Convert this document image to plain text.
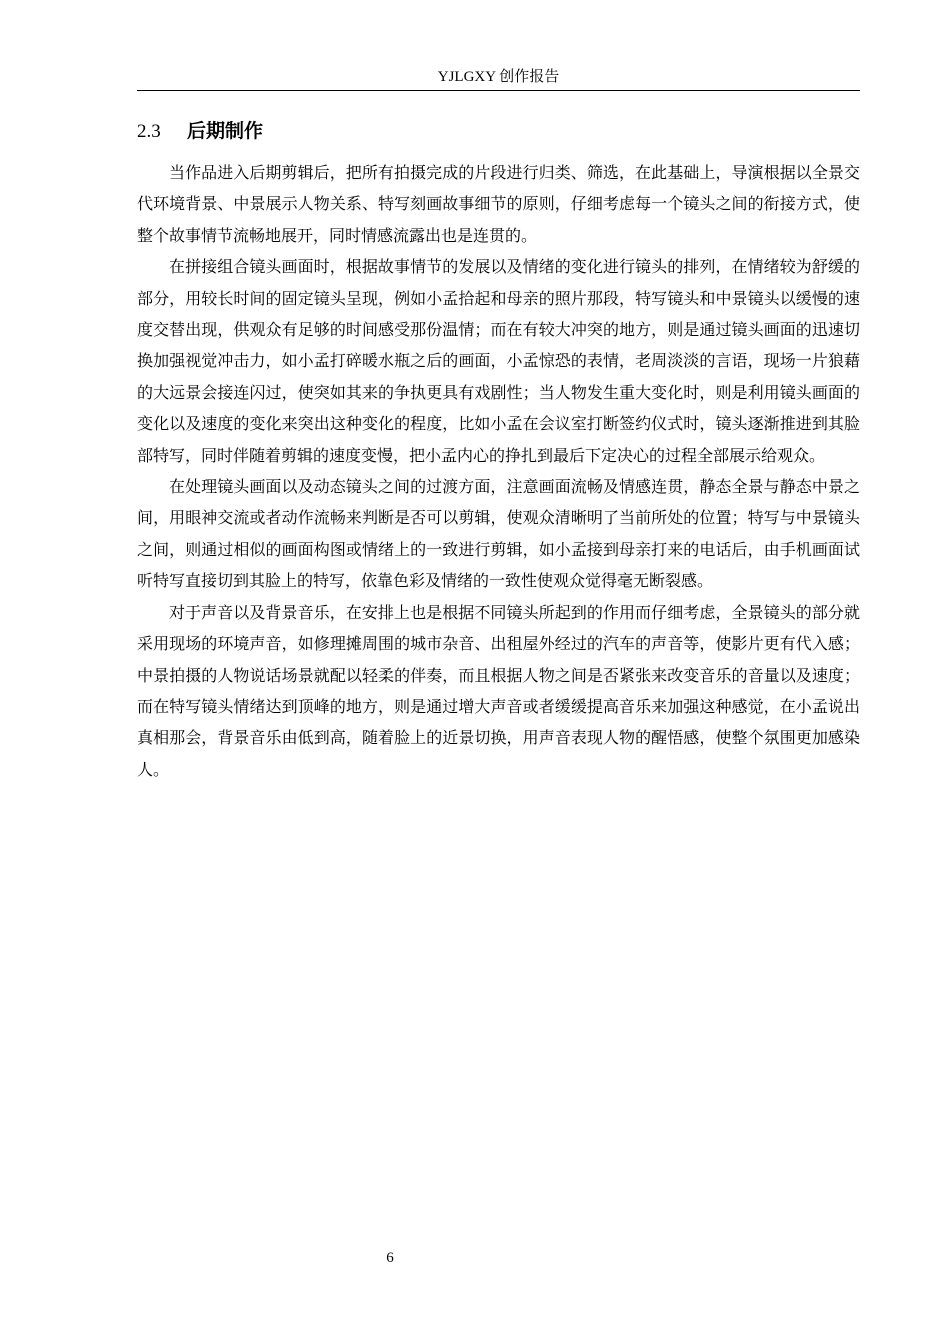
YJLGXY 创作报告
2.3 后期制作

当作品进入后期剪辑后，把所有拍摄完成的片段进行归类、筛选，在此基础上，导演根据以全景交代环境背景、中景展示人物关系、特写刻画故事细节的原则，仔细考虑每一个镜头之间的衔接方式，使整个故事情节流畅地展开，同时情感流露出也是连贯的。

在拼接组合镜头画面时，根据故事情节的发展以及情绪的变化进行镜头的排列，在情绪较为舒缓的部分，用较长时间的固定镜头呈现，例如小孟拾起和母亲的照片那段，特写镜头和中景镜头以缓慢的速度交替出现，供观众有足够的时间感受那份温情；而在有较大冲突的地方，则是通过镜头画面的迅速切换加强视觉冲击力，如小孟打碎暖水瓶之后的画面，小孟惊恐的表情，老周淡淡的言语，现场一片狼藉的大远景会接连闪过，使突如其来的争执更具有戏剧性；当人物发生重大变化时，则是利用镜头画面的变化以及速度的变化来突出这种变化的程度，比如小孟在会议室打断签约仪式时，镜头逐渐推进到其脸部特写，同时伴随着剪辑的速度变慢，把小孟内心的挣扎到最后下定决心的过程全部展示给观众。

在处理镜头画面以及动态镜头之间的过渡方面，注意画面流畅及情感连贯，静态全景与静态中景之间，用眼神交流或者动作流畅来判断是否可以剪辑，使观众清晰明了当前所处的位置；特写与中景镜头之间，则通过相似的画面构图或情绪上的一致进行剪辑，如小孟接到母亲打来的电话后，由手机画面试听特写直接切到其脸上的特写，依靠色彩及情绪的一致性使观众觉得毫无断裂感。

对于声音以及背景音乐，在安排上也是根据不同镜头所起到的作用而仔细考虑，全景镜头的部分就采用现场的环境声音，如修理摊周围的城市杂音、出租屋外经过的汽车的声音等，使影片更有代入感；中景拍摄的人物说话场景就配以轻柔的伴奏，而且根据人物之间是否紧张来改变音乐的音量以及速度；而在特写镜头情绪达到顶峰的地方，则是通过增大声音或者缓缓提高音乐来加强这种感觉，在小孟说出真相那会，背景音乐由低到高，随着脸上的近景切换，用声音表现人物的醒悟感，使整个氛围更加感染人。

6
